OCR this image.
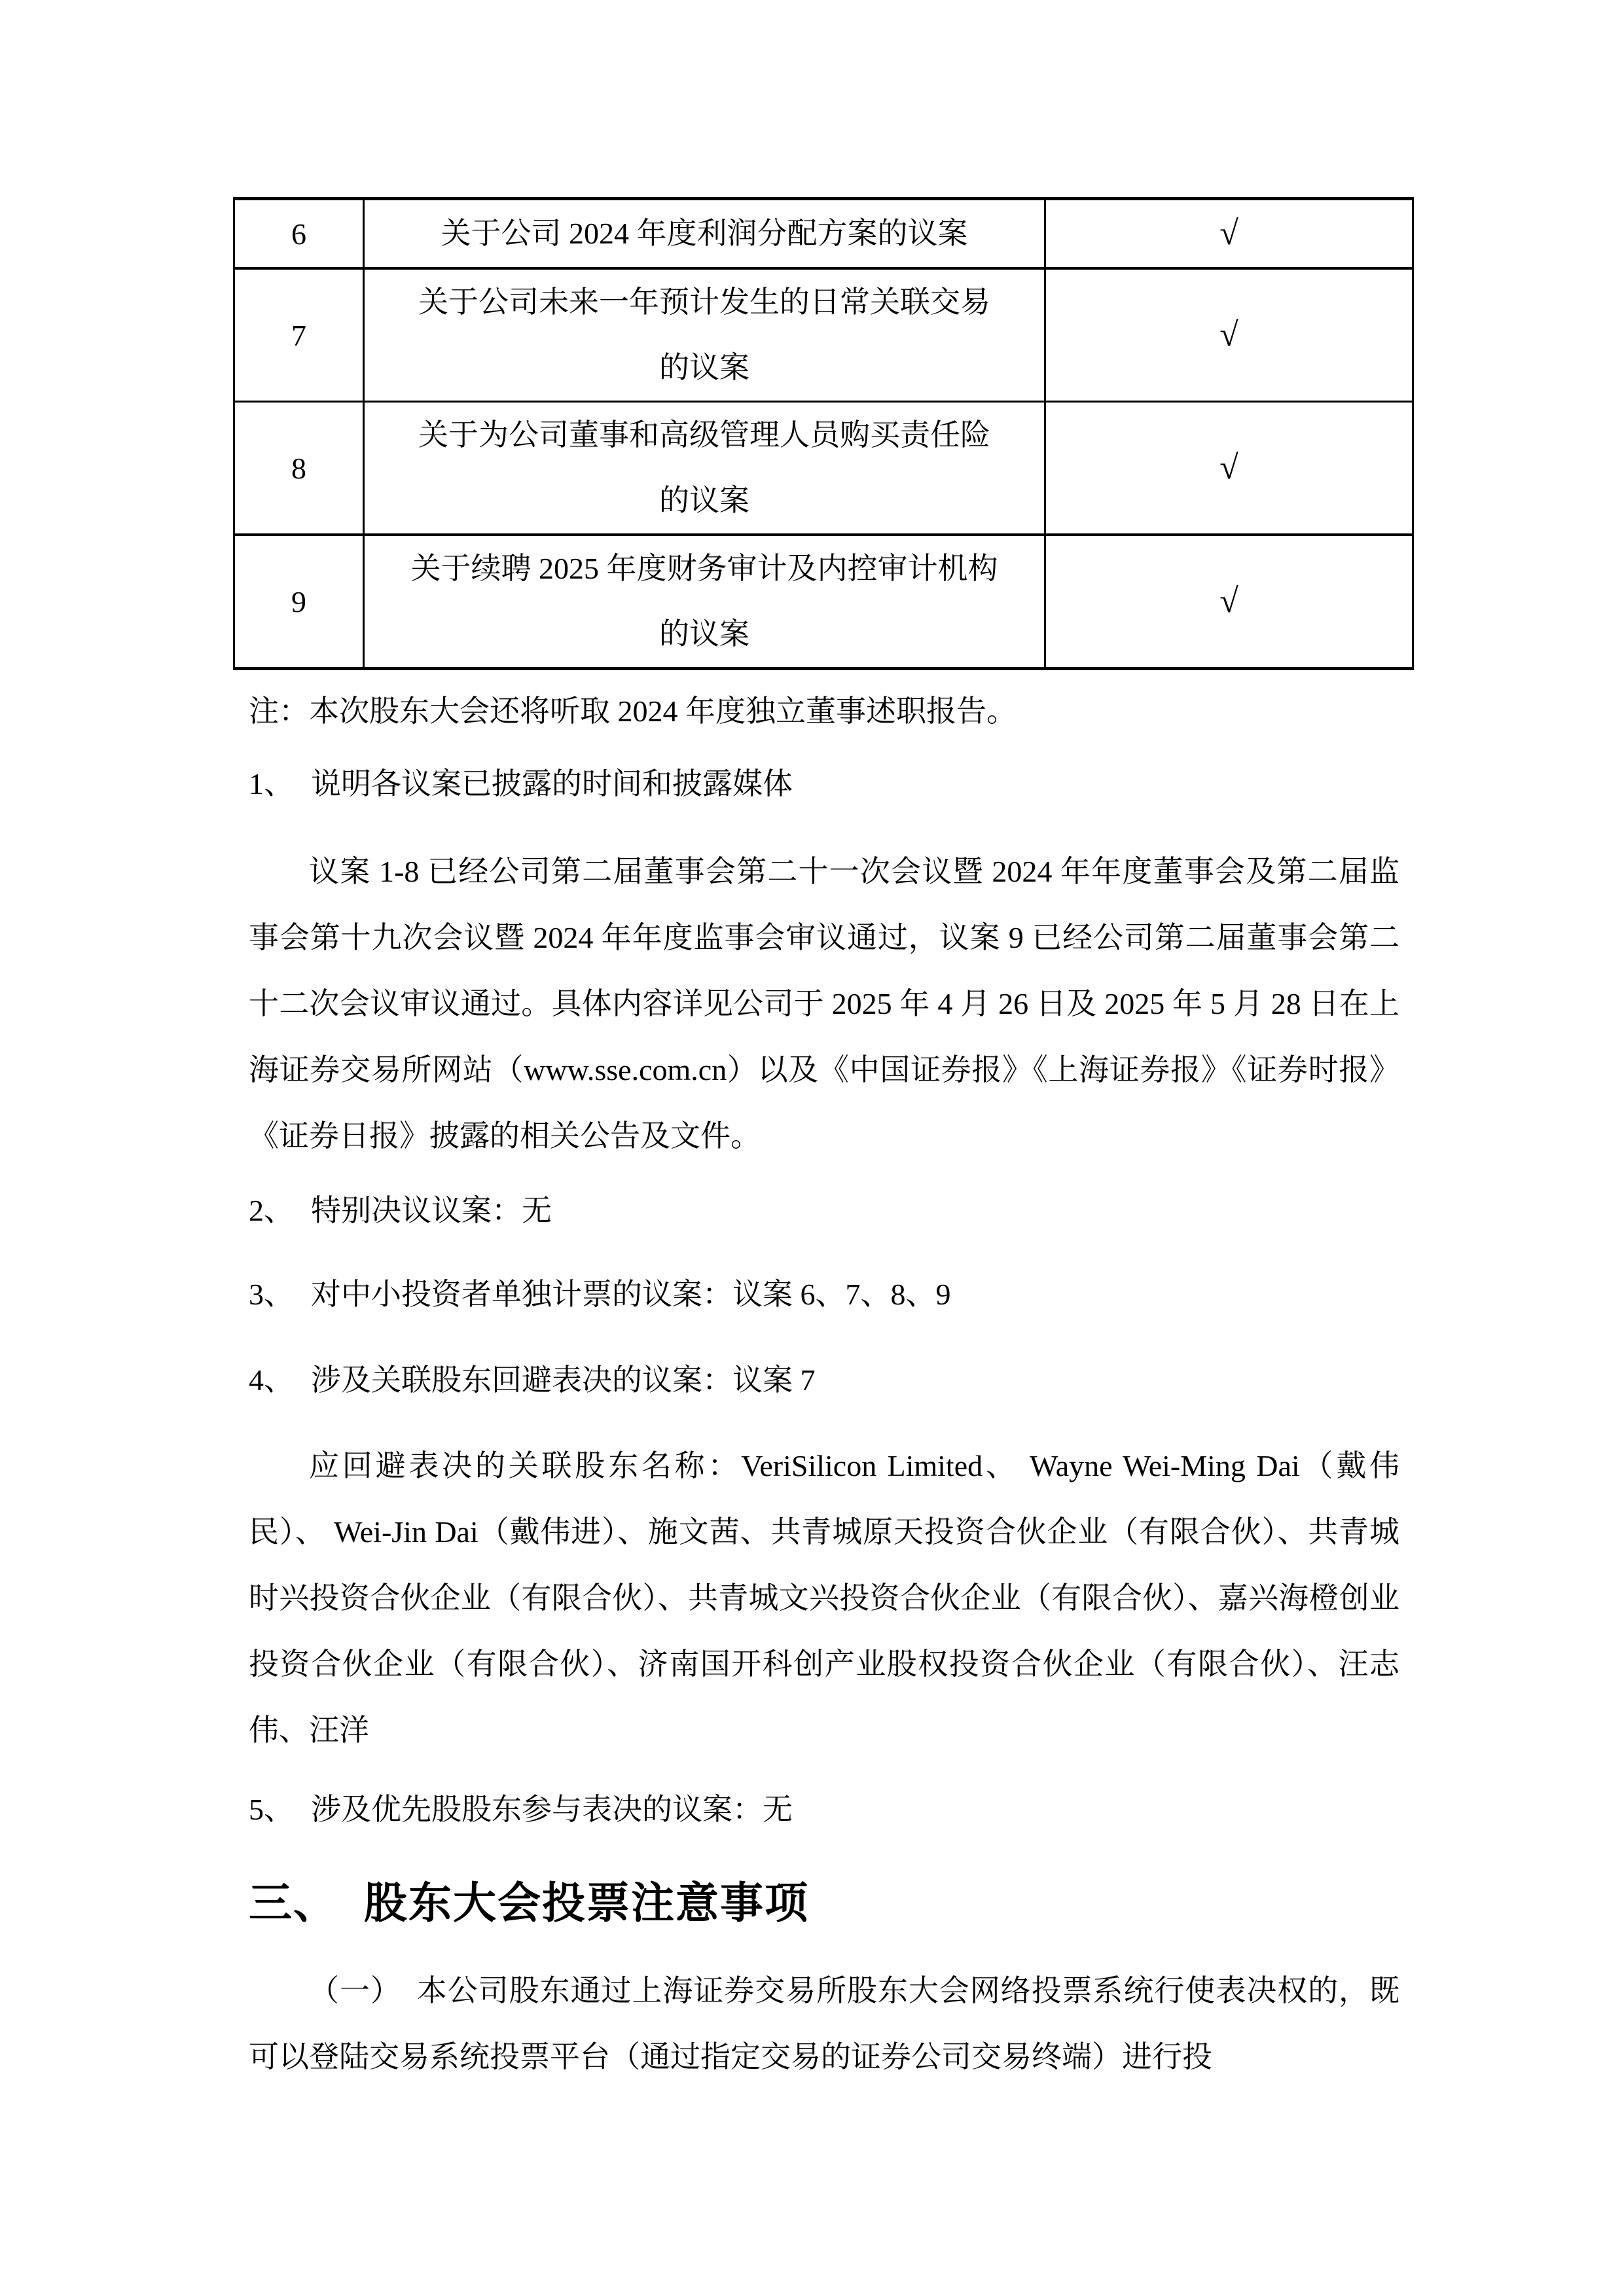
6	关于公司 2024 年度利润分配方案的议案	√
7	关于公司未来一年预计发生的日常关联交易
的议案	√
8	关于为公司董事和高级管理人员购买责任险
的议案	√
9	关于续聘 2025 年度财务审计及内控审计机构
的议案	√

注：本次股东大会还将听取 2024 年度独立董事述职报告。

1、 说明各议案已披露的时间和披露媒体

议案 1-8 已经公司第二届董事会第二十一次会议暨 2024 年年度董事会及第二届监事会第十九次会议暨 2024 年年度监事会审议通过，议案 9 已经公司第二届董事会第二十二次会议审议通过。具体内容详见公司于 2025 年 4 月 26 日及 2025 年 5 月 28 日在上海证券交易所网站（www.sse.com.cn）以及《中国证券报》《上海证券报》《证券时报》《证券日报》披露的相关公告及文件。

2、 特别决议议案：无

3、 对中小投资者单独计票的议案：议案 6、7、8、9

4、 涉及关联股东回避表决的议案：议案 7

应回避表决的关联股东名称：VeriSilicon Limited、 Wayne Wei-Ming Dai（戴伟民）、 Wei-Jin Dai（戴伟进）、施文茜、共青城原天投资合伙企业（有限合伙）、共青城时兴投资合伙企业（有限合伙）、共青城文兴投资合伙企业（有限合伙）、嘉兴海橙创业投资合伙企业（有限合伙）、济南国开科创产业股权投资合伙企业（有限合伙）、汪志伟、汪洋

5、 涉及优先股股东参与表决的议案：无

三、 股东大会投票注意事项

（一）　本公司股东通过上海证券交易所股东大会网络投票系统行使表决权的，既可以登陆交易系统投票平台（通过指定交易的证券公司交易终端）进行投
